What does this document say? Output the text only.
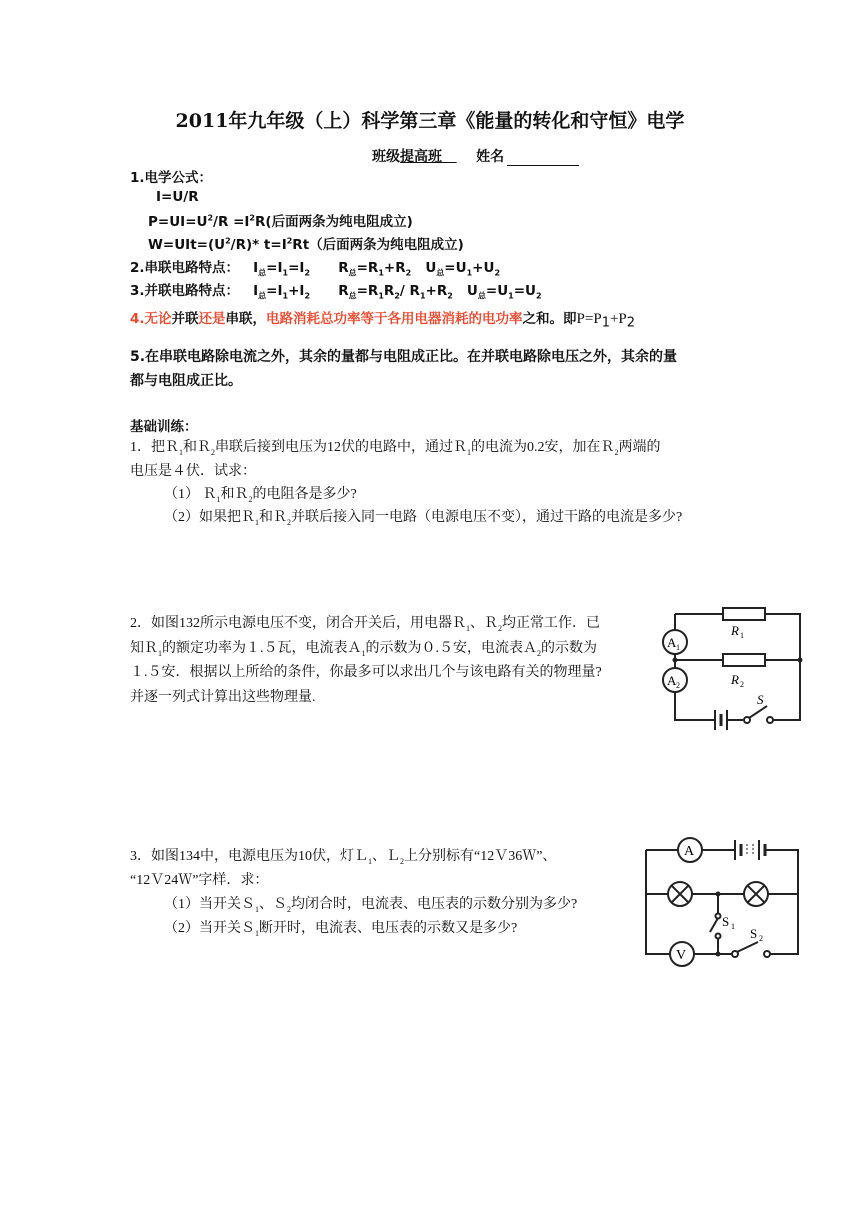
2011年九年级（上）科学第三章《能量的转化和守恒》电学

班级提高班 姓名

1.电学公式：

I=U/R

$P=UI=U^2/R =I^2R$(后面两条为纯电阻成立)

$W=UIt=(U^2/R)*$ $t=I^2Rt$（后面两条为纯电阻成立)

2.串联电路特点： $I_总=I_1=I_2$ $R_总=R_1+R_2$ $U_总=U_1+U_2$

3.并联电路特点： $I_总=I_1+I_2$ $R_总=R_1R_2/$ $R_1+R_2$ $U_总=U_1=U_2$

4.无论并联还是串联，电路消耗总功率等于各用电器消耗的电功率之和。即$P=P_1+P_2$

5.在串联电路除电流之外，其余的量都与电阻成正比。在并联电路除电压之外，其余的量

都与电阻成正比。

基础训练：

1．把Ｒ$_1$和Ｒ$_2$串联后接到电压为12伏的电路中，通过Ｒ$_1$的电流为0.2安，加在Ｒ$_2$两端的

电压是４伏．试求：

（1） Ｒ$_1$和Ｒ$_2$的电阻各是多少?

（2）如果把Ｒ$_1$和Ｒ$_2$并联后接入同一电路（电源电压不变），通过干路的电流是多少?

2．如图132所示电源电压不变，闭合开关后，用电器Ｒ$_1$、Ｒ$_2$均正常工作．已

知Ｒ$_1$的额定功率为１.５瓦，电流表Ａ$_1$的示数为０.５安，电流表Ａ$_2$的示数为

１.５安．根据以上所给的条件，你最多可以求出几个与该电路有关的物理量?

并逐一列式计算出这些物理量.

A 1
A 2
R 1
R 2
S

3．如图134中，电源电压为10伏，灯Ｌ$_1$、Ｌ$_2$上分别标有“12Ｖ36Ｗ”、

“12Ｖ24Ｗ”字样．求：

（1）当开关Ｓ$_1$、Ｓ$_2$均闭合时，电流表、电压表的示数分别为多少?

（2）当开关Ｓ$_1$断开时，电流表、电压表的示数又是多少?

A
V
S 1 S 2
